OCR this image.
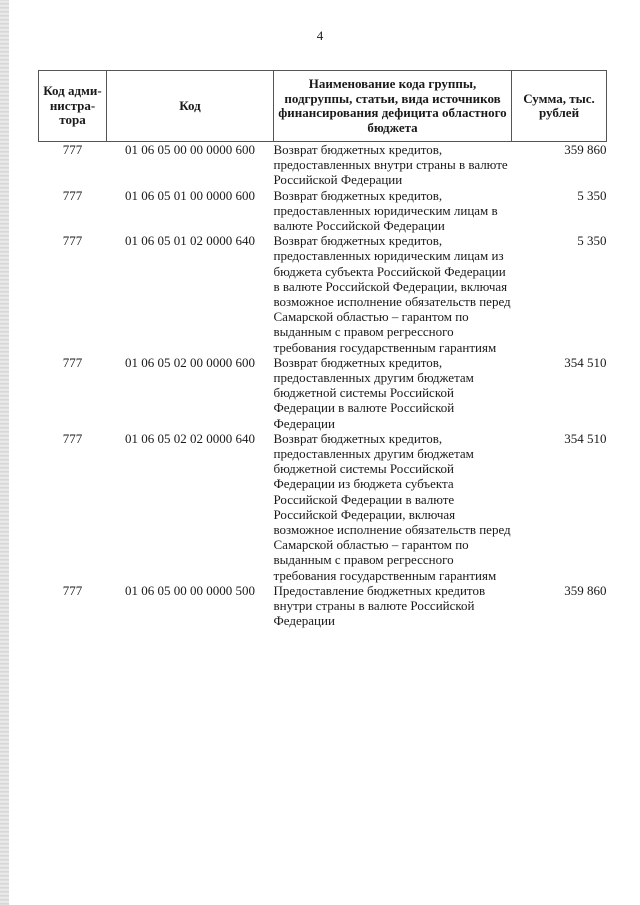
4
Код адми-нистра-тора	Код	Наименование кода группы, подгруппы, статьи, вида источников финансирования дефицита областного бюджета	Сумма, тыс. рублей
777	01 06 05 00 00 0000 600	Возврат бюджетных кредитов, предоставленных внутри страны в валюте Российской Федерации	359 860
777	01 06 05 01 00 0000 600	Возврат бюджетных кредитов, предоставленных юридическим лицам в валюте Российской Федерации	5 350
777	01 06 05 01 02 0000 640	Возврат бюджетных кредитов, предоставленных юридическим лицам из бюджета субъекта Российской Федерации в валюте Российской Федерации, включая возможное исполнение обязательств перед Самарской областью – гарантом по выданным с правом регрессного требования государственным гарантиям	5 350
777	01 06 05 02 00 0000 600	Возврат бюджетных кредитов, предоставленных другим бюджетам бюджетной системы Российской Федерации в валюте Российской Федерации	354 510
777	01 06 05 02 02 0000 640	Возврат бюджетных кредитов, предоставленных другим бюджетам бюджетной системы Российской Федерации из бюджета субъекта Российской Федерации в валюте Российской Федерации, включая возможное исполнение обязательств перед Самарской областью – гарантом по выданным с правом регрессного требования государственным гарантиям	354 510
777	01 06 05 00 00 0000 500	Предоставление бюджетных кредитов внутри страны в валюте Российской Федерации	359 860
